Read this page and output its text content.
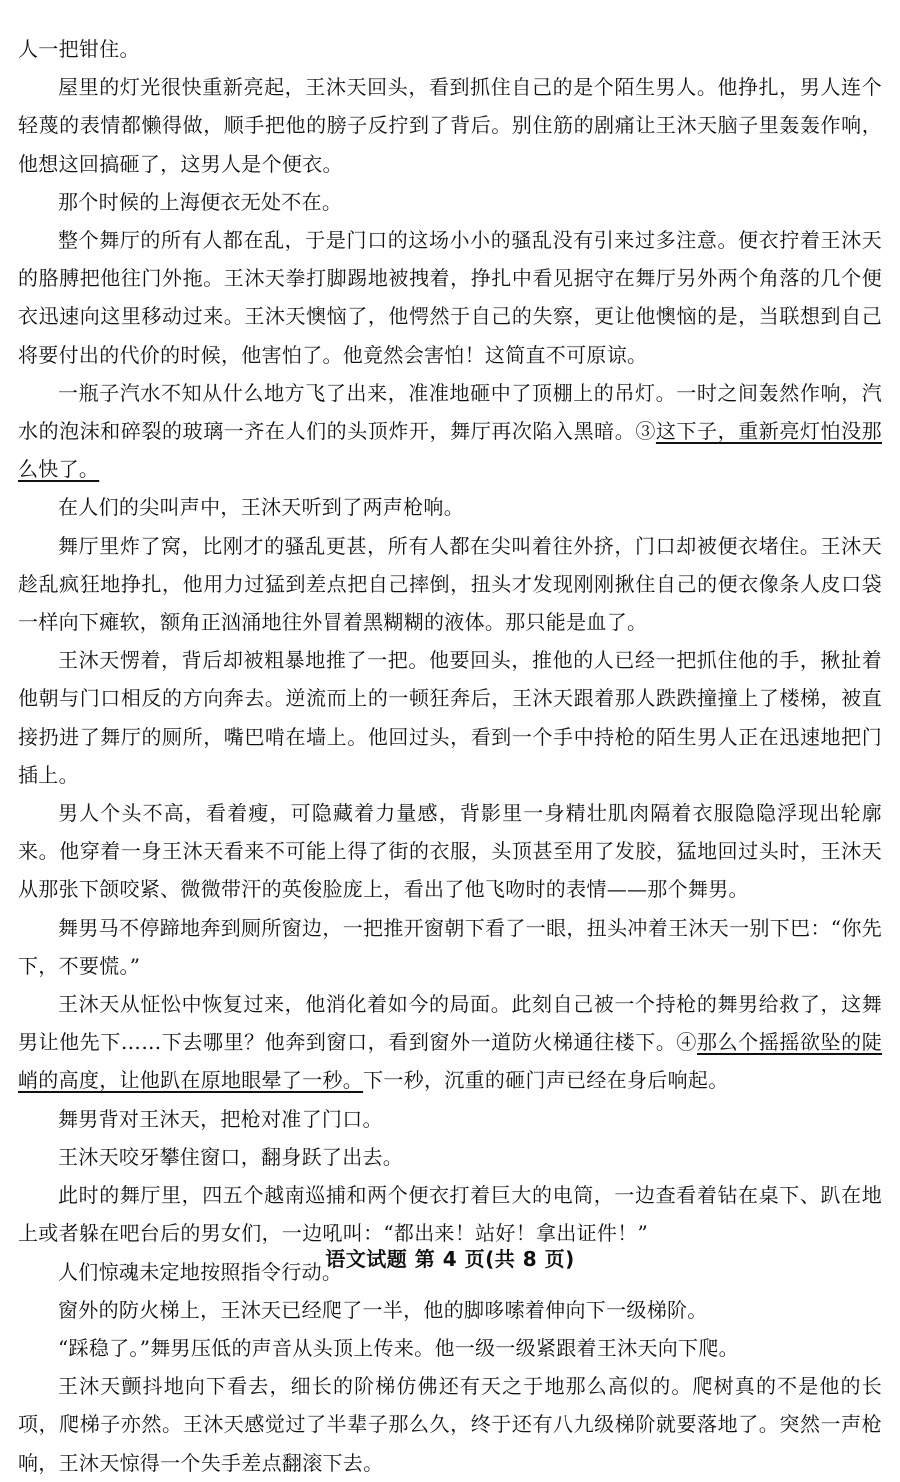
人一把钳住。

屋里的灯光很快重新亮起，王沐天回头，看到抓住自己的是个陌生男人。他挣扎，男人连个轻蔑的表情都懒得做，顺手把他的膀子反拧到了背后。别住筋的剧痛让王沐天脑子里轰轰作响，他想这回搞砸了，这男人是个便衣。

那个时候的上海便衣无处不在。

整个舞厅的所有人都在乱，于是门口的这场小小的骚乱没有引来过多注意。便衣拧着王沐天的胳膊把他往门外拖。王沐天拳打脚踢地被拽着，挣扎中看见据守在舞厅另外两个角落的几个便衣迅速向这里移动过来。王沐天懊恼了，他愕然于自己的失察，更让他懊恼的是，当联想到自己将要付出的代价的时候，他害怕了。他竟然会害怕！这简直不可原谅。

一瓶子汽水不知从什么地方飞了出来，准准地砸中了顶棚上的吊灯。一时之间轰然作响，汽水的泡沫和碎裂的玻璃一齐在人们的头顶炸开，舞厅再次陷入黑暗。③这下子，重新亮灯怕没那么快了。

在人们的尖叫声中，王沐天听到了两声枪响。

舞厅里炸了窝，比刚才的骚乱更甚，所有人都在尖叫着往外挤，门口却被便衣堵住。王沐天趁乱疯狂地挣扎，他用力过猛到差点把自己摔倒，扭头才发现刚刚揪住自己的便衣像条人皮口袋一样向下瘫软，额角正汹涌地往外冒着黑糊糊的液体。那只能是血了。

王沐天愣着，背后却被粗暴地推了一把。他要回头，推他的人已经一把抓住他的手，揪扯着他朝与门口相反的方向奔去。逆流而上的一顿狂奔后，王沐天跟着那人跌跌撞撞上了楼梯，被直接扔进了舞厅的厕所，嘴巴啃在墙上。他回过头，看到一个手中持枪的陌生男人正在迅速地把门插上。

男人个头不高，看着瘦，可隐藏着力量感，背影里一身精壮肌肉隔着衣服隐隐浮现出轮廓来。他穿着一身王沐天看来不可能上得了街的衣服，头顶甚至用了发胶，猛地回过头时，王沐天从那张下颌咬紧、微微带汗的英俊脸庞上，看出了他飞吻时的表情——那个舞男。

舞男马不停蹄地奔到厕所窗边，一把推开窗朝下看了一眼，扭头冲着王沐天一别下巴：“你先下，不要慌。”

王沐天从怔忪中恢复过来，他消化着如今的局面。此刻自己被一个持枪的舞男给救了，这舞男让他先下……下去哪里？他奔到窗口，看到窗外一道防火梯通往楼下。④那么个摇摇欲坠的陡峭的高度，让他趴在原地眼晕了一秒。下一秒，沉重的砸门声已经在身后响起。

舞男背对王沐天，把枪对准了门口。

王沐天咬牙攀住窗口，翻身跃了出去。

此时的舞厅里，四五个越南巡捕和两个便衣打着巨大的电筒，一边查看着钻在桌下、趴在地上或者躲在吧台后的男女们，一边吼叫：“都出来！站好！拿出证件！”

人们惊魂未定地按照指令行动。

窗外的防火梯上，王沐天已经爬了一半，他的脚哆嗦着伸向下一级梯阶。

“踩稳了。”舞男压低的声音从头顶上传来。他一级一级紧跟着王沐天向下爬。

王沐天颤抖地向下看去，细长的阶梯仿佛还有天之于地那么高似的。爬树真的不是他的长项，爬梯子亦然。王沐天感觉过了半辈子那么久，终于还有八九级梯阶就要落地了。突然一声枪响，王沐天惊得一个失手差点翻滚下去。

语文试题 第 4 页(共 8 页)
